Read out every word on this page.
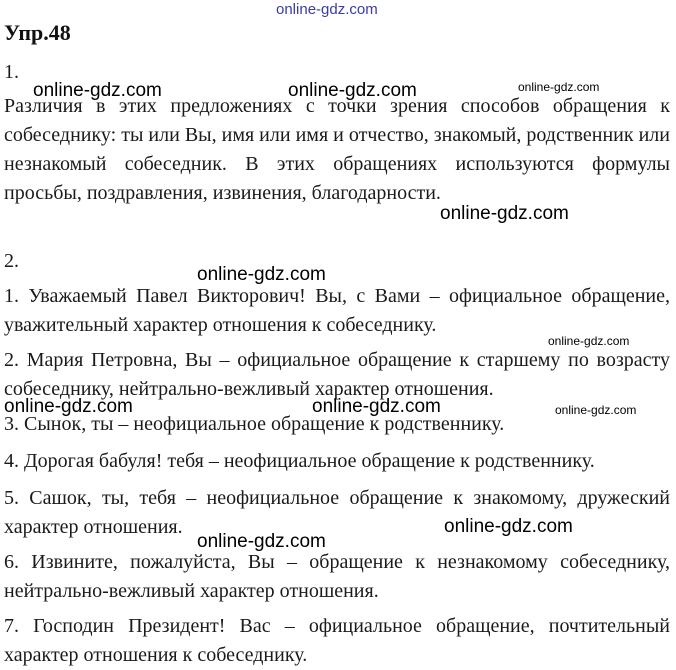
Упр.48
1.
Различия в этих предложениях с точки зрения способов обращения к собеседнику: ты или Вы, имя или имя и отчество, знакомый, родственник или незнакомый собеседник. В этих обращениях используются формулы просьбы, поздравления, извинения, благодарности.
2.
1. Уважаемый Павел Викторович! Вы, с Вами – официальное обращение, уважительный характер отношения к собеседнику.
2. Мария Петровна, Вы – официальное обращение к старшему по возрасту собеседнику, нейтрально-вежливый характер отношения.
3. Сынок, ты – неофициальное обращение к родственнику.
4. Дорогая бабуля! тебя – неофициальное обращение к родственнику.
5. Сашок, ты, тебя – неофициальное обращение к знакомому, дружеский характер отношения.
6. Извините, пожалуйста, Вы – обращение к незнакомому собеседнику, нейтрально-вежливый характер отношения.
7. Господин Президент! Вас – официальное обращение, почтительный характер отношения к собеседнику.
online-gdz.com
online-gdz.com	online-gdz.com	online-gdz.com
online-gdz.com
online-gdz.com
online-gdz.com
online-gdz.com	online-gdz.com	online-gdz.com
online-gdz.com
online-gdz.com
